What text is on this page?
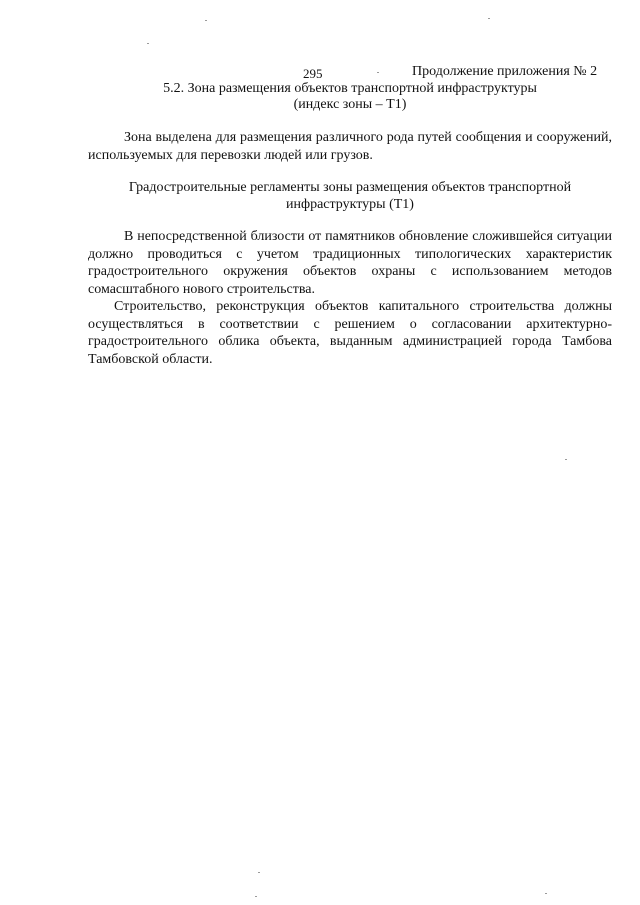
295	Продолжение приложения № 2
5.2. Зона размещения объектов транспортной инфраструктуры
(индекс зоны – Т1)
Зона выделена для размещения различного рода путей сообщения и сооружений, используемых для перевозки людей или грузов.
Градостроительные регламенты зоны размещения объектов транспортной инфраструктуры (Т1)
В непосредственной близости от памятников обновление сложившейся ситуации должно проводиться с учетом традиционных типологических характеристик градостроительного окружения объектов охраны с использованием методов сомасштабного нового строительства.
Строительство, реконструкция объектов капитального строительства должны осуществляться в соответствии с решением о согласовании архитектурно-градостроительного облика объекта, выданным администрацией города Тамбова Тамбовской области.
